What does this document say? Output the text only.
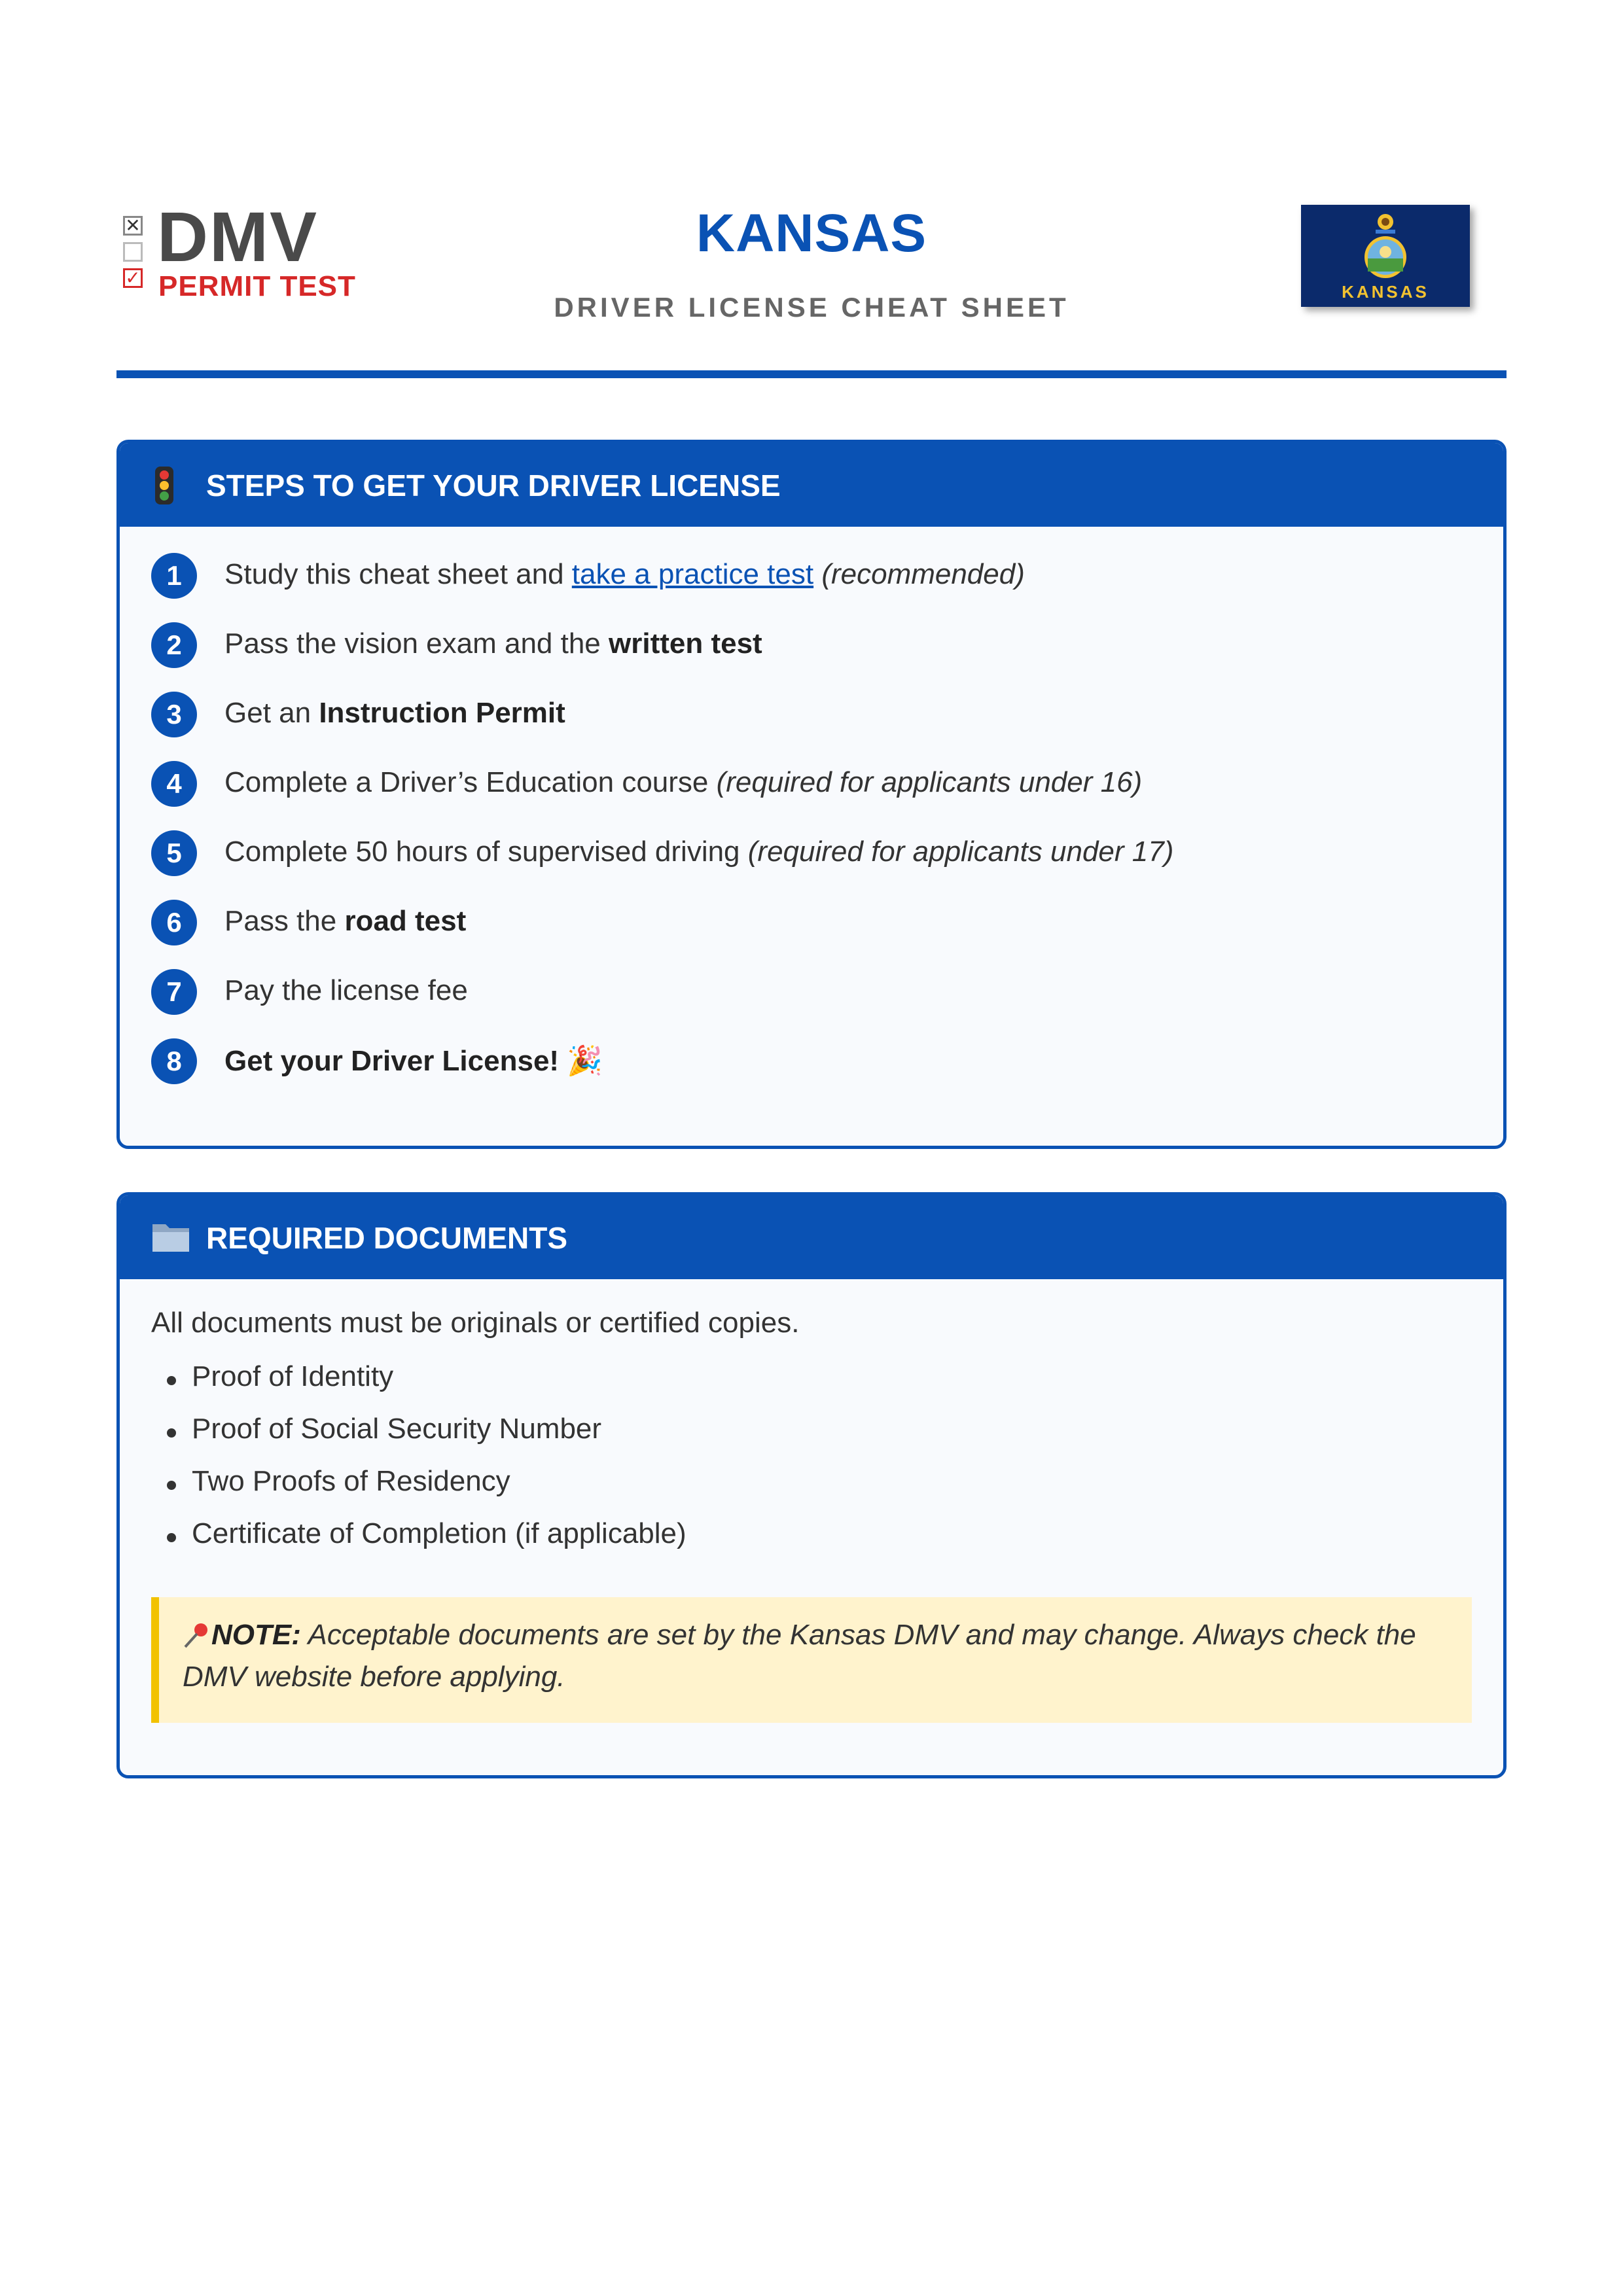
✕
✓
DMV
PERMIT TEST
KANSAS
DRIVER LICENSE CHEAT SHEET	KANSAS
STEPS TO GET YOUR DRIVER LICENSE
1	Study this cheat sheet and take a practice test (recommended)
2	Pass the vision exam and the written test
3	Get an Instruction Permit
4	Complete a Driver’s Education course (required for applicants under 16)
5	Complete 50 hours of supervised driving (required for applicants under 17)
6	Pass the road test
7	Pay the license fee
8	Get your Driver License! 🎉
REQUIRED DOCUMENTS
All documents must be originals or certified copies.
Proof of Identity
Proof of Social Security Number
Two Proofs of Residency
Certificate of Completion (if applicable)
NOTE: Acceptable documents are set by the Kansas DMV and may change. Always check the DMV website before applying.
